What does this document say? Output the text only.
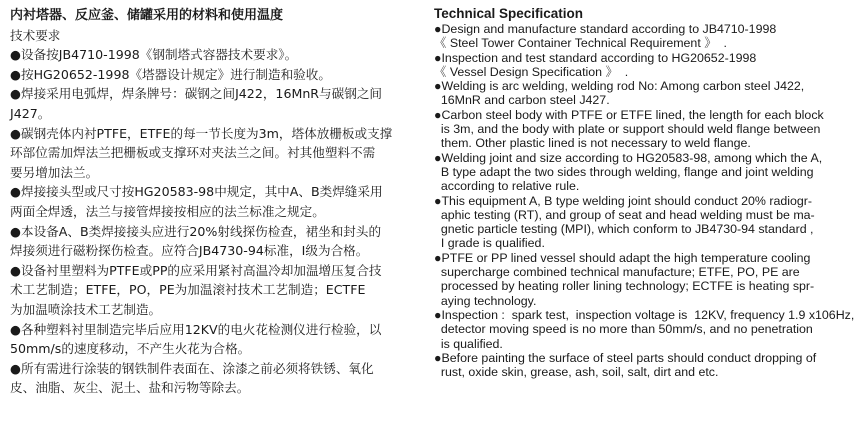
内衬塔器、反应釜、储罐采用的材料和使用温度
技术要求
●设备按JB4710-1998《钢制塔式容器技术要求》。
●按HG20652-1998《塔器设计规定》进行制造和验收。
●焊接采用电弧焊，焊条牌号：碳钢之间J422，16MnR与碳钢之间
J427。
●碳钢壳体内衬PTFE，ETFE的每一节长度为3m，塔体放栅板或支撑
环部位需加焊法兰把栅板或支撑环对夹法兰之间。衬其他塑料不需
要另增加法兰。
●焊接接头型或尺寸按HG20583-98中规定，其中A、B类焊缝采用
两面全焊透，法兰与接管焊接按相应的法兰标准之规定。
●本设备A、B类焊接接头应进行20%射线探伤检查，裙坐和封头的
焊接须进行磁粉探伤检查。应符合JB4730-94标准，I级为合格。
●设备衬里塑料为PTFE或PP的应采用紧衬高温冷却加温增压复合技
术工艺制造；ETFE，PO，PE为加温滚衬技术工艺制造；ECTFE
为加温喷涂技术工艺制造。
●各种塑料衬里制造完毕后应用12KV的电火花检测仪进行检验，以
50mm/s的速度移动，不产生火花为合格。
●所有需进行涂装的钢铁制件表面在、涂漆之前必须将铁锈、氧化
皮、油脂、灰尘、泥土、盐和污物等除去。
Technical Specification
●Design and manufacture standard according to JB4710-1998
《 Steel Tower Container Technical Requirement 》  .
●Inspection and test standard according to HG20652-1998
《 Vessel Design Specification 》  .
●Welding is arc welding, welding rod No: Among carbon steel J422,
16MnR and carbon steel J427.
●Carbon steel body with PTFE or ETFE lined, the length for each block
is 3m, and the body with plate or support should weld flange between
them. Other plastic lined is not necessary to weld flange.
●Welding joint and size according to HG20583-98, among which the A,
B type adapt the two sides through welding, flange and joint welding
according to relative rule.
●This equipment A, B type welding joint should conduct 20% radiogr-
aphic testing (RT), and group of seat and head welding must be ma-
gnetic particle testing (MPI), which conform to JB4730-94 standard ,
I grade is qualified.
●PTFE or PP lined vessel should adapt the high temperature cooling
supercharge combined technical manufacture; ETFE, PO, PE are
processed by heating roller lining technology; ECTFE is heating spr-
aying technology.
●Inspection :  spark test,  inspection voltage is  12KV, frequency 1.9 x106Hz,
detector moving speed is no more than 50mm/s, and no penetration
is qualified.
●Before painting the surface of steel parts should conduct dropping of
rust, oxide skin, grease, ash, soil, salt, dirt and etc.
